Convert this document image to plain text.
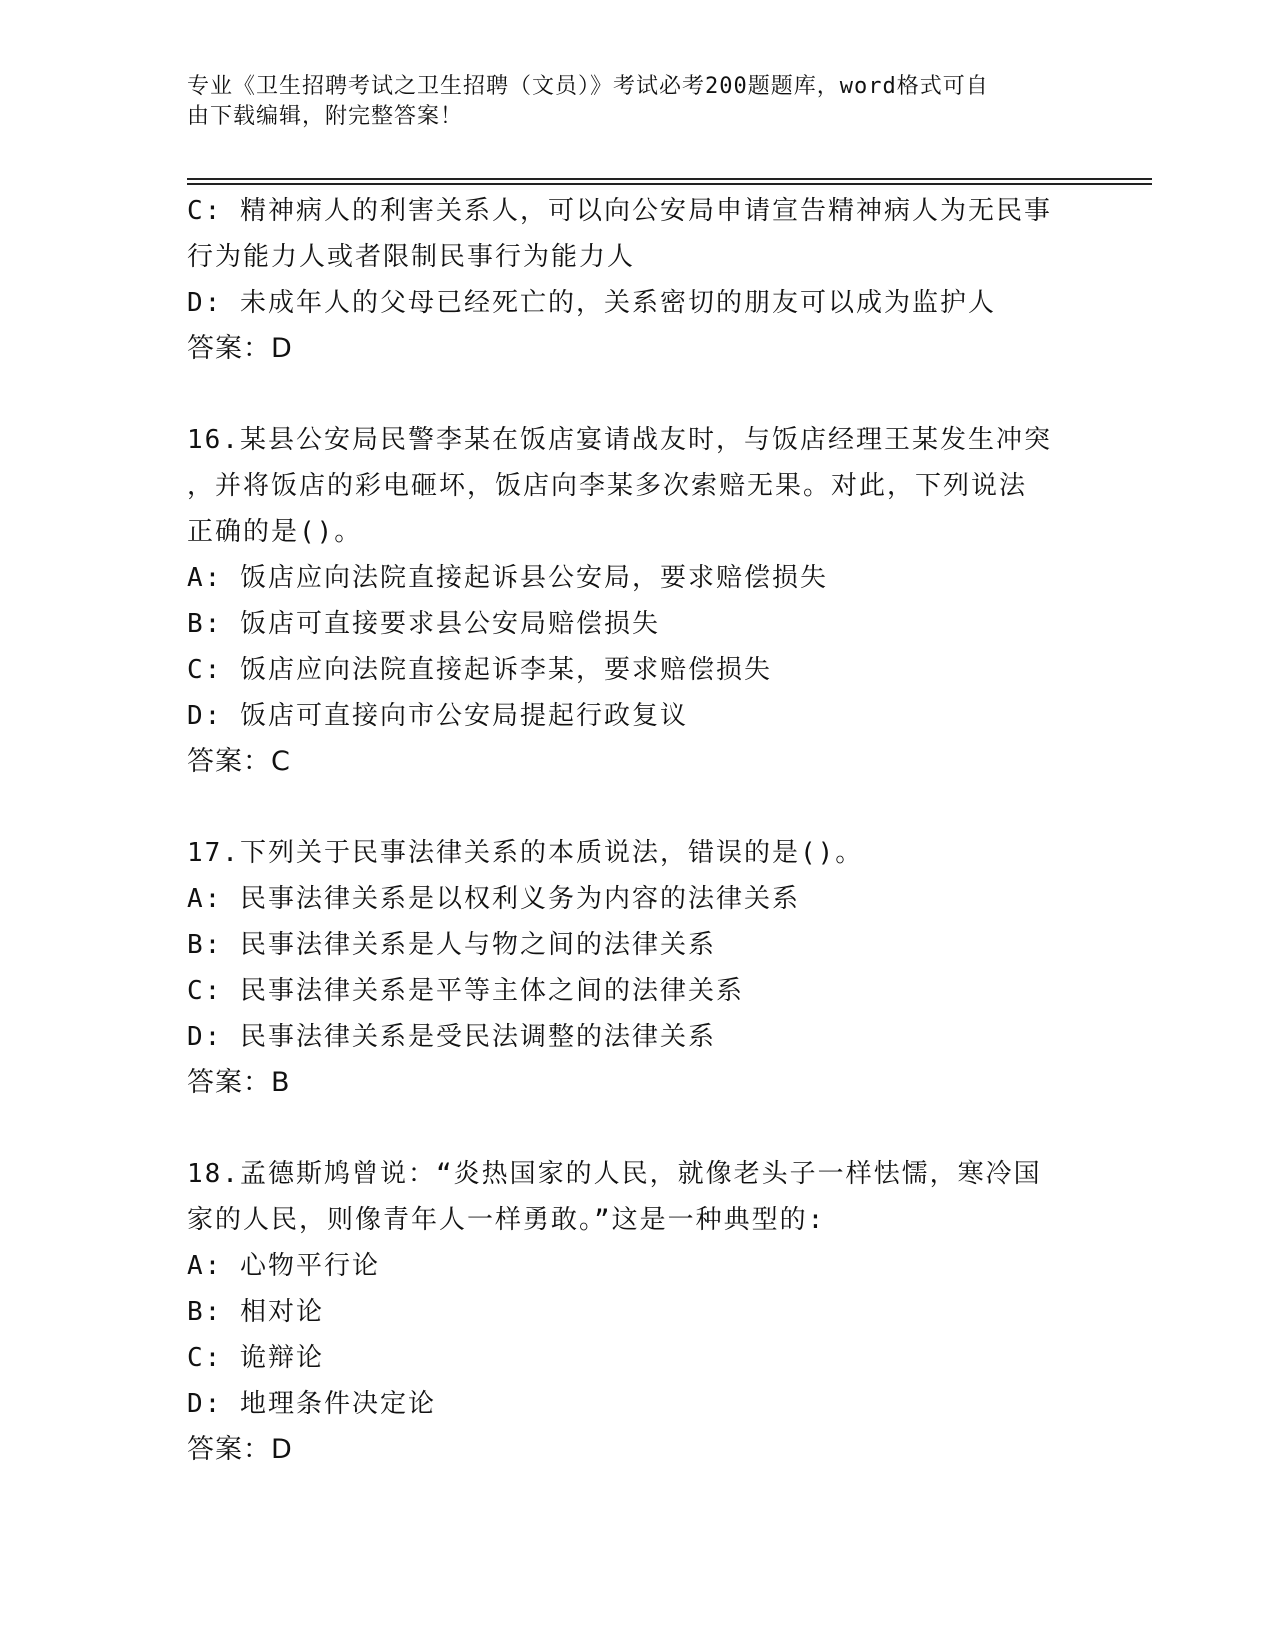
专业《卫生招聘考试之卫生招聘（文员）》考试必考200题题库，word格式可自
由下载编辑，附完整答案！
C: 精神病人的利害关系人，可以向公安局申请宣告精神病人为无民事
行为能力人或者限制民事行为能力人
D: 未成年人的父母已经死亡的，关系密切的朋友可以成为监护人
答案：D
16.某县公安局民警李某在饭店宴请战友时，与饭店经理王某发生冲突
，并将饭店的彩电砸坏，饭店向李某多次索赔无果。对此，下列说法
正确的是()。
A: 饭店应向法院直接起诉县公安局，要求赔偿损失
B: 饭店可直接要求县公安局赔偿损失
C: 饭店应向法院直接起诉李某，要求赔偿损失
D: 饭店可直接向市公安局提起行政复议
答案：C
17.下列关于民事法律关系的本质说法，错误的是()。
A: 民事法律关系是以权利义务为内容的法律关系
B: 民事法律关系是人与物之间的法律关系
C: 民事法律关系是平等主体之间的法律关系
D: 民事法律关系是受民法调整的法律关系
答案：B
18.孟德斯鸠曾说：“炎热国家的人民，就像老头子一样怯懦，寒冷国
家的人民，则像青年人一样勇敢。”这是一种典型的:
A: 心物平行论
B: 相对论
C: 诡辩论
D: 地理条件决定论
答案：D
